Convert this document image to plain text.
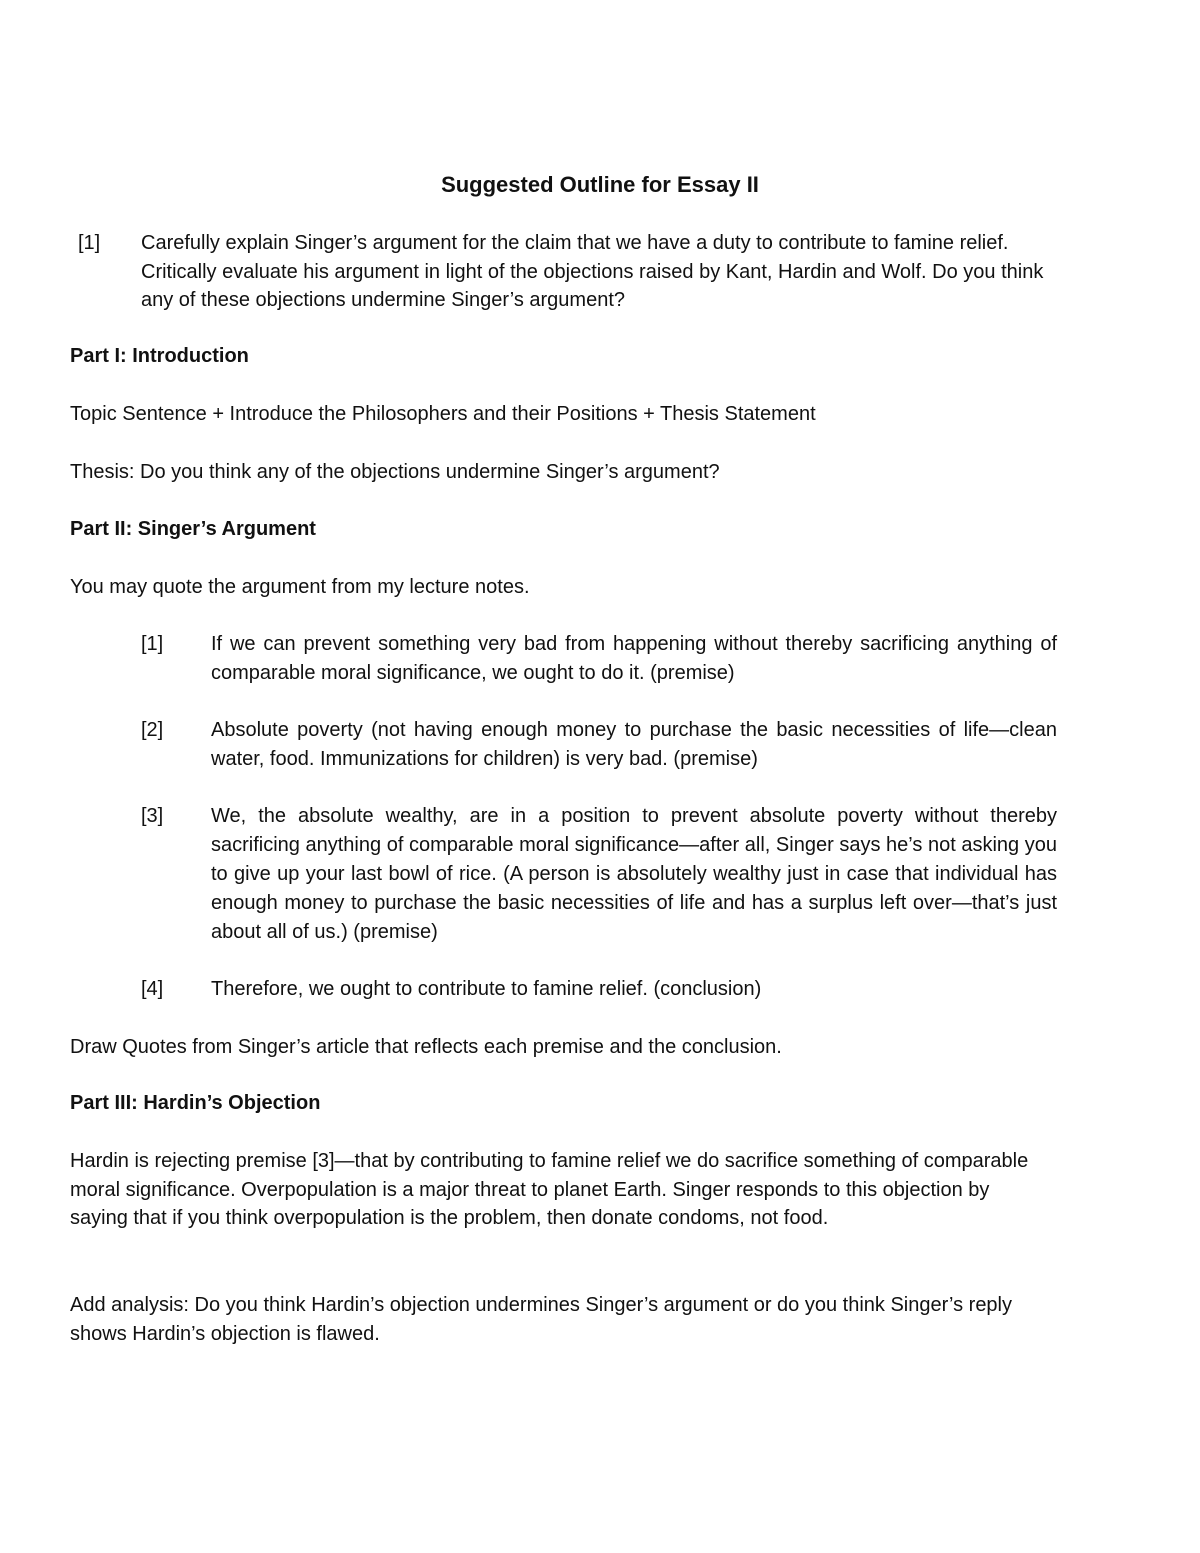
Suggested Outline for Essay II
[1] Carefully explain Singer’s argument for the claim that we have a duty to contribute to famine relief. Critically evaluate his argument in light of the objections raised by Kant, Hardin and Wolf. Do you think any of these objections undermine Singer’s argument?
Part I: Introduction
Topic Sentence + Introduce the Philosophers and their Positions + Thesis Statement
Thesis: Do you think any of the objections undermine Singer’s argument?
Part II: Singer’s Argument
You may quote the argument from my lecture notes.
[1] If we can prevent something very bad from happening without thereby sacrificing anything of comparable moral significance, we ought to do it. (premise)
[2] Absolute poverty (not having enough money to purchase the basic necessities of life—clean water, food. Immunizations for children) is very bad. (premise)
[3] We, the absolute wealthy, are in a position to prevent absolute poverty without thereby sacrificing anything of comparable moral significance—after all, Singer says he’s not asking you to give up your last bowl of rice. (A person is absolutely wealthy just in case that individual has enough money to purchase the basic necessities of life and has a surplus left over—that’s just about all of us.) (premise)
[4] Therefore, we ought to contribute to famine relief. (conclusion)
Draw Quotes from Singer’s article that reflects each premise and the conclusion.
Part III: Hardin’s Objection
Hardin is rejecting premise [3]—that by contributing to famine relief we do sacrifice something of comparable moral significance. Overpopulation is a major threat to planet Earth. Singer responds to this objection by saying that if you think overpopulation is the problem, then donate condoms, not food.
Add analysis: Do you think Hardin’s objection undermines Singer’s argument or do you think Singer’s reply shows Hardin’s objection is flawed.
